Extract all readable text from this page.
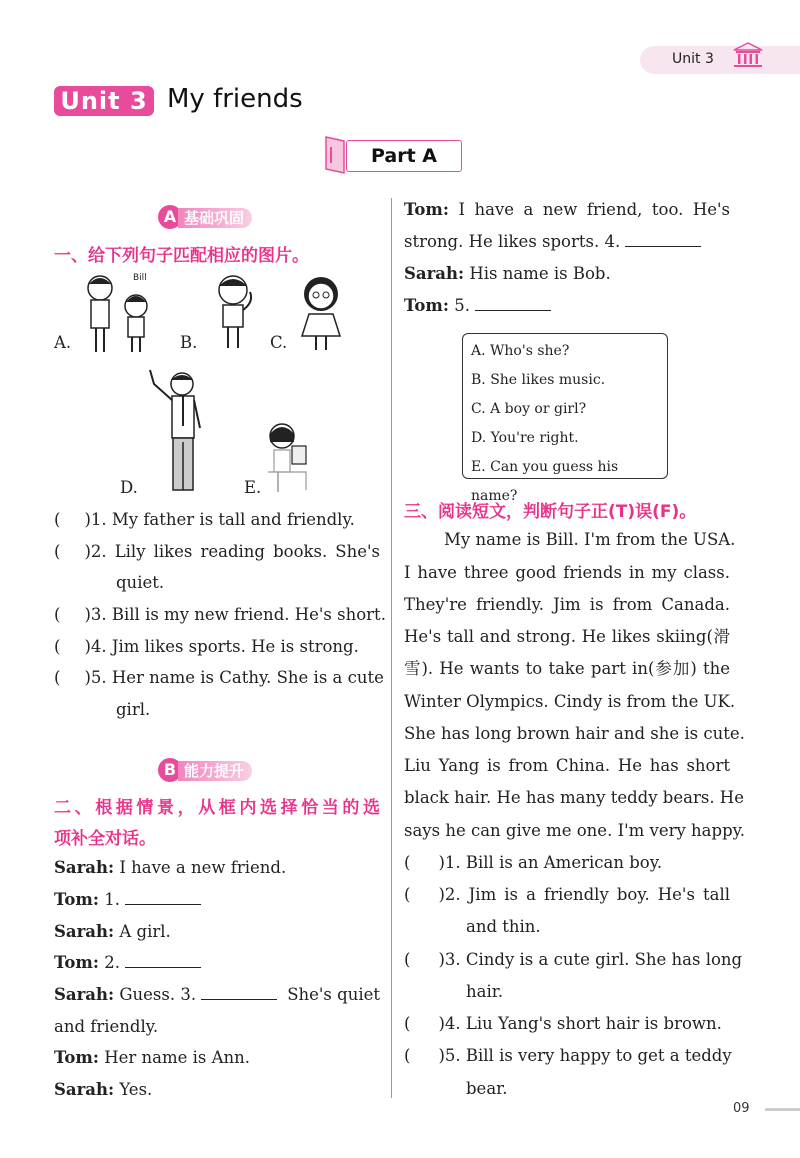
Unit 3
Unit 3 My friends
Part A
A 基础巩固
一、给下列句子匹配相应的图片。
A.	B.	C.
Bill
D.	E.
( )1. My father is tall and friendly.
( )2. Lily likes reading books. She's
quiet.
( )3. Bill is my new friend. He's short.
( )4. Jim likes sports. He is strong.
( )5. Her name is Cathy. She is a cute
girl.
B 能力提升
二、根据情景，从框内选择恰当的选
项补全对话。
Sarah: I have a new friend.
Tom: 1.
Sarah: A girl.
Tom: 2.
Sarah: Guess. 3.	She's quiet
and friendly.
Tom: Her name is Ann.
Sarah: Yes.
Tom: I have a new friend, too. He's
strong. He likes sports. 4.
Sarah: His name is Bob.
Tom: 5.
A. Who's she?
B. She likes music.
C. A boy or girl?
D. You're right.
E. Can you guess his name?
三、阅读短文，判断句子正(T)误(F)。
My name is Bill. I'm from the USA.
I have three good friends in my class.
They're friendly. Jim is from Canada.
He's tall and strong. He likes skiing(滑
雪). He wants to take part in(参加) the
Winter Olympics. Cindy is from the UK.
She has long brown hair and she is cute.
Liu Yang is from China. He has short
black hair. He has many teddy bears. He
says he can give me one. I'm very happy.
( )1. Bill is an American boy.
( )2. Jim is a friendly boy. He's tall
and thin.
( )3. Cindy is a cute girl. She has long
hair.
( )4. Liu Yang's short hair is brown.
( )5. Bill is very happy to get a teddy
bear.
09
